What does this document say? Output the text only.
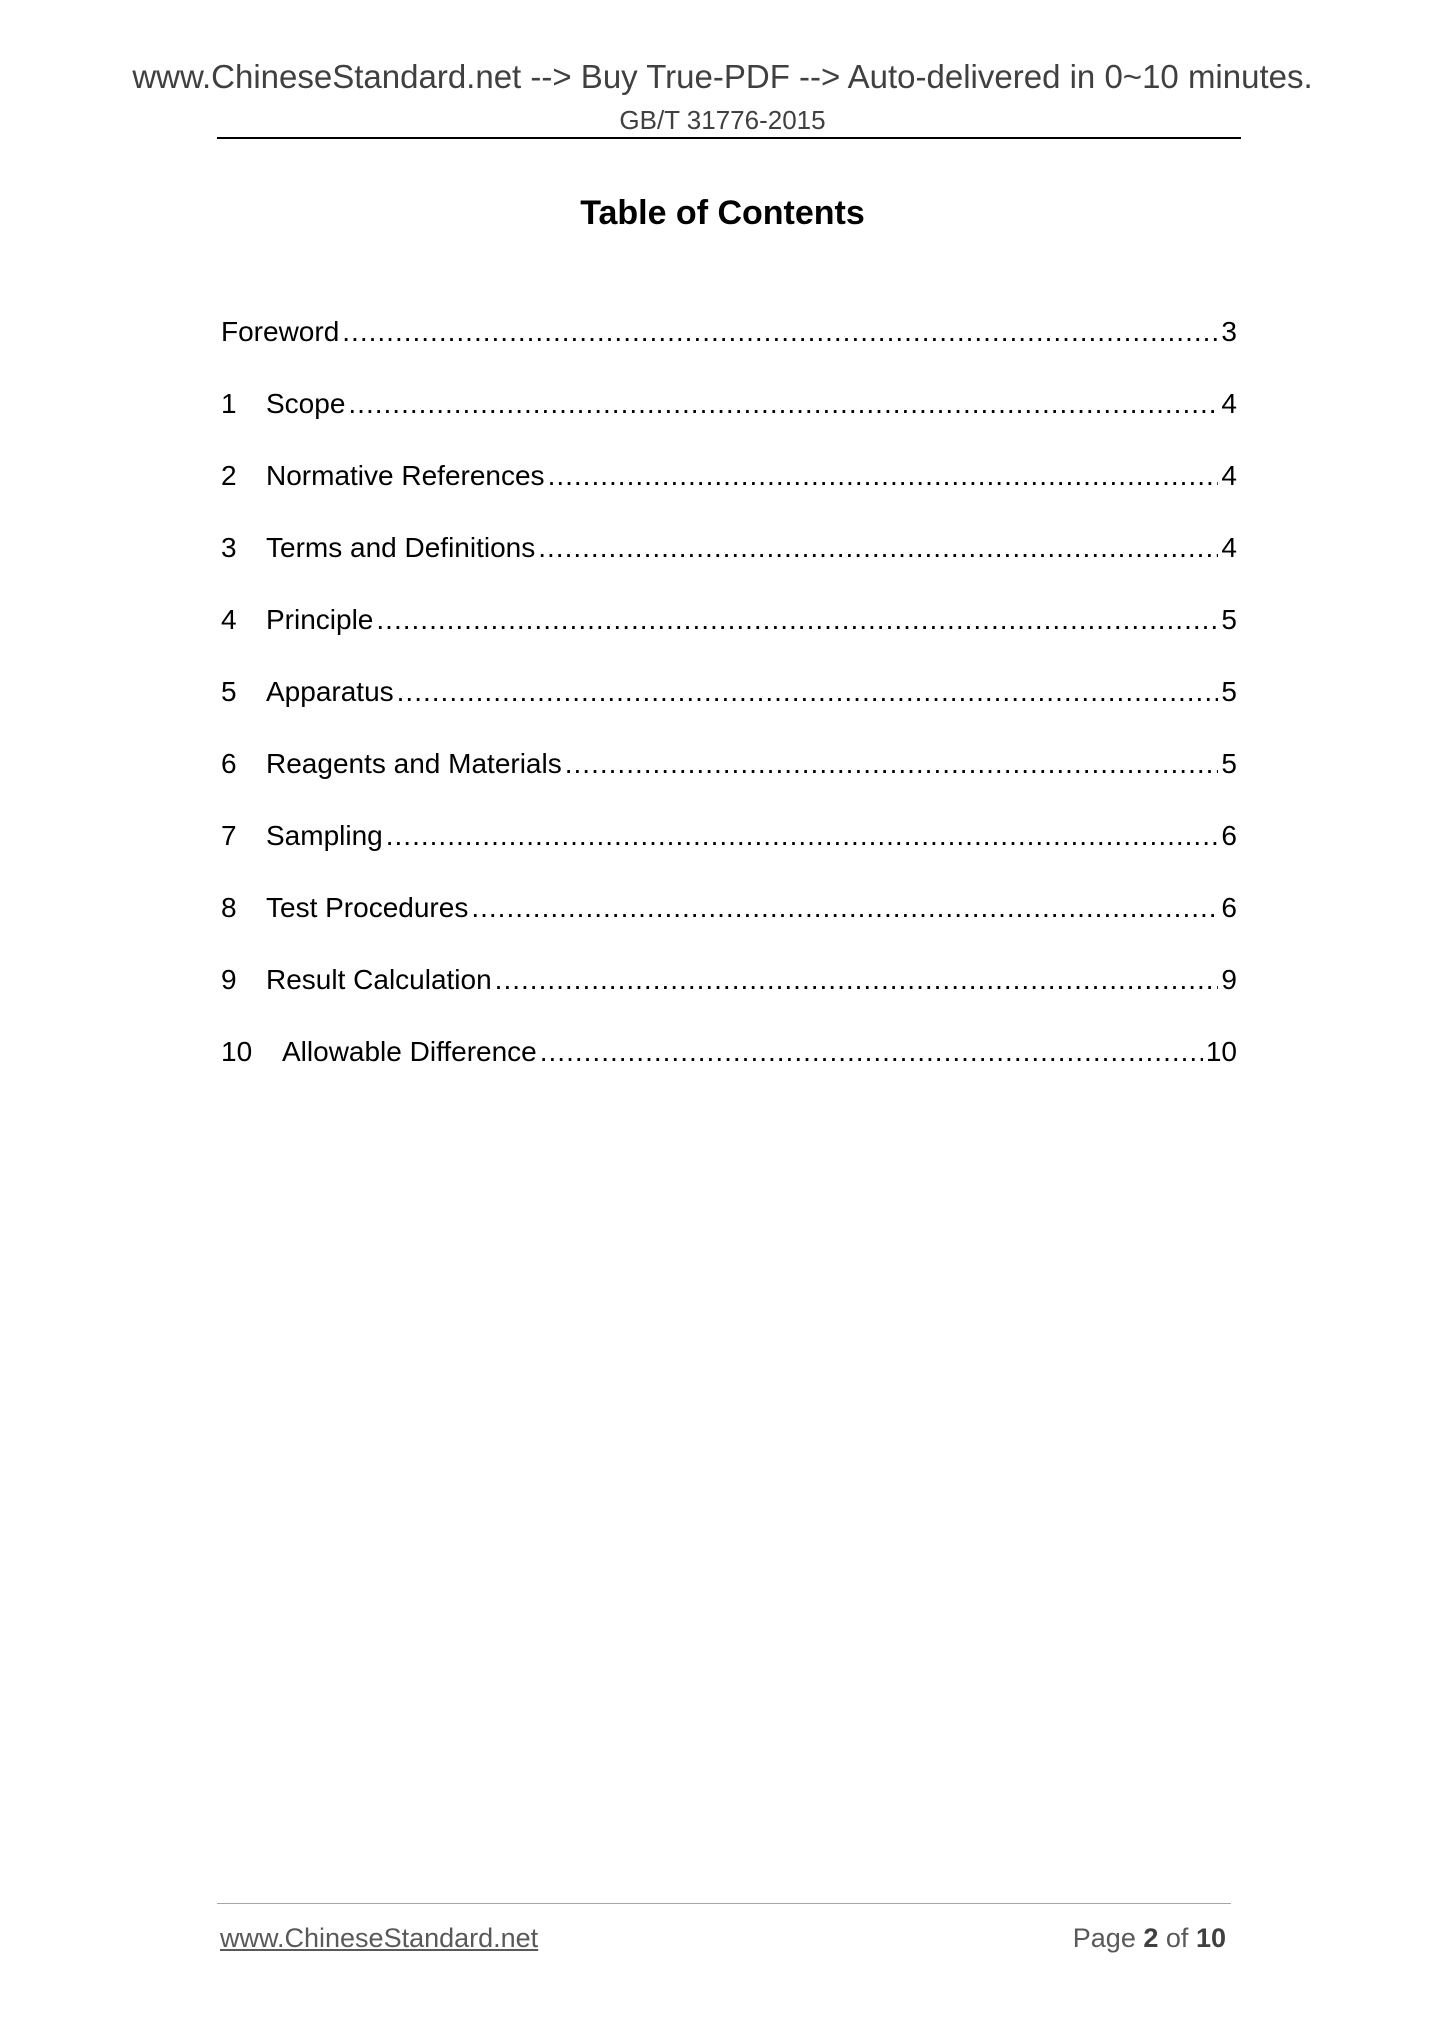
www.ChineseStandard.net --> Buy True-PDF --> Auto-delivered in 0~10 minutes.
GB/T 31776-2015
Table of Contents
Foreword .....	3
1	Scope .....	4
2	Normative References .....	4
3	Terms and Definitions .....	4
4	Principle .....	5
5	Apparatus .....	5
6	Reagents and Materials .....	5
7	Sampling .....	6
8	Test Procedures .....	6
9	Result Calculation .....	9
10	Allowable Difference .....	10
www.ChineseStandard.net	Page 2 of 10
